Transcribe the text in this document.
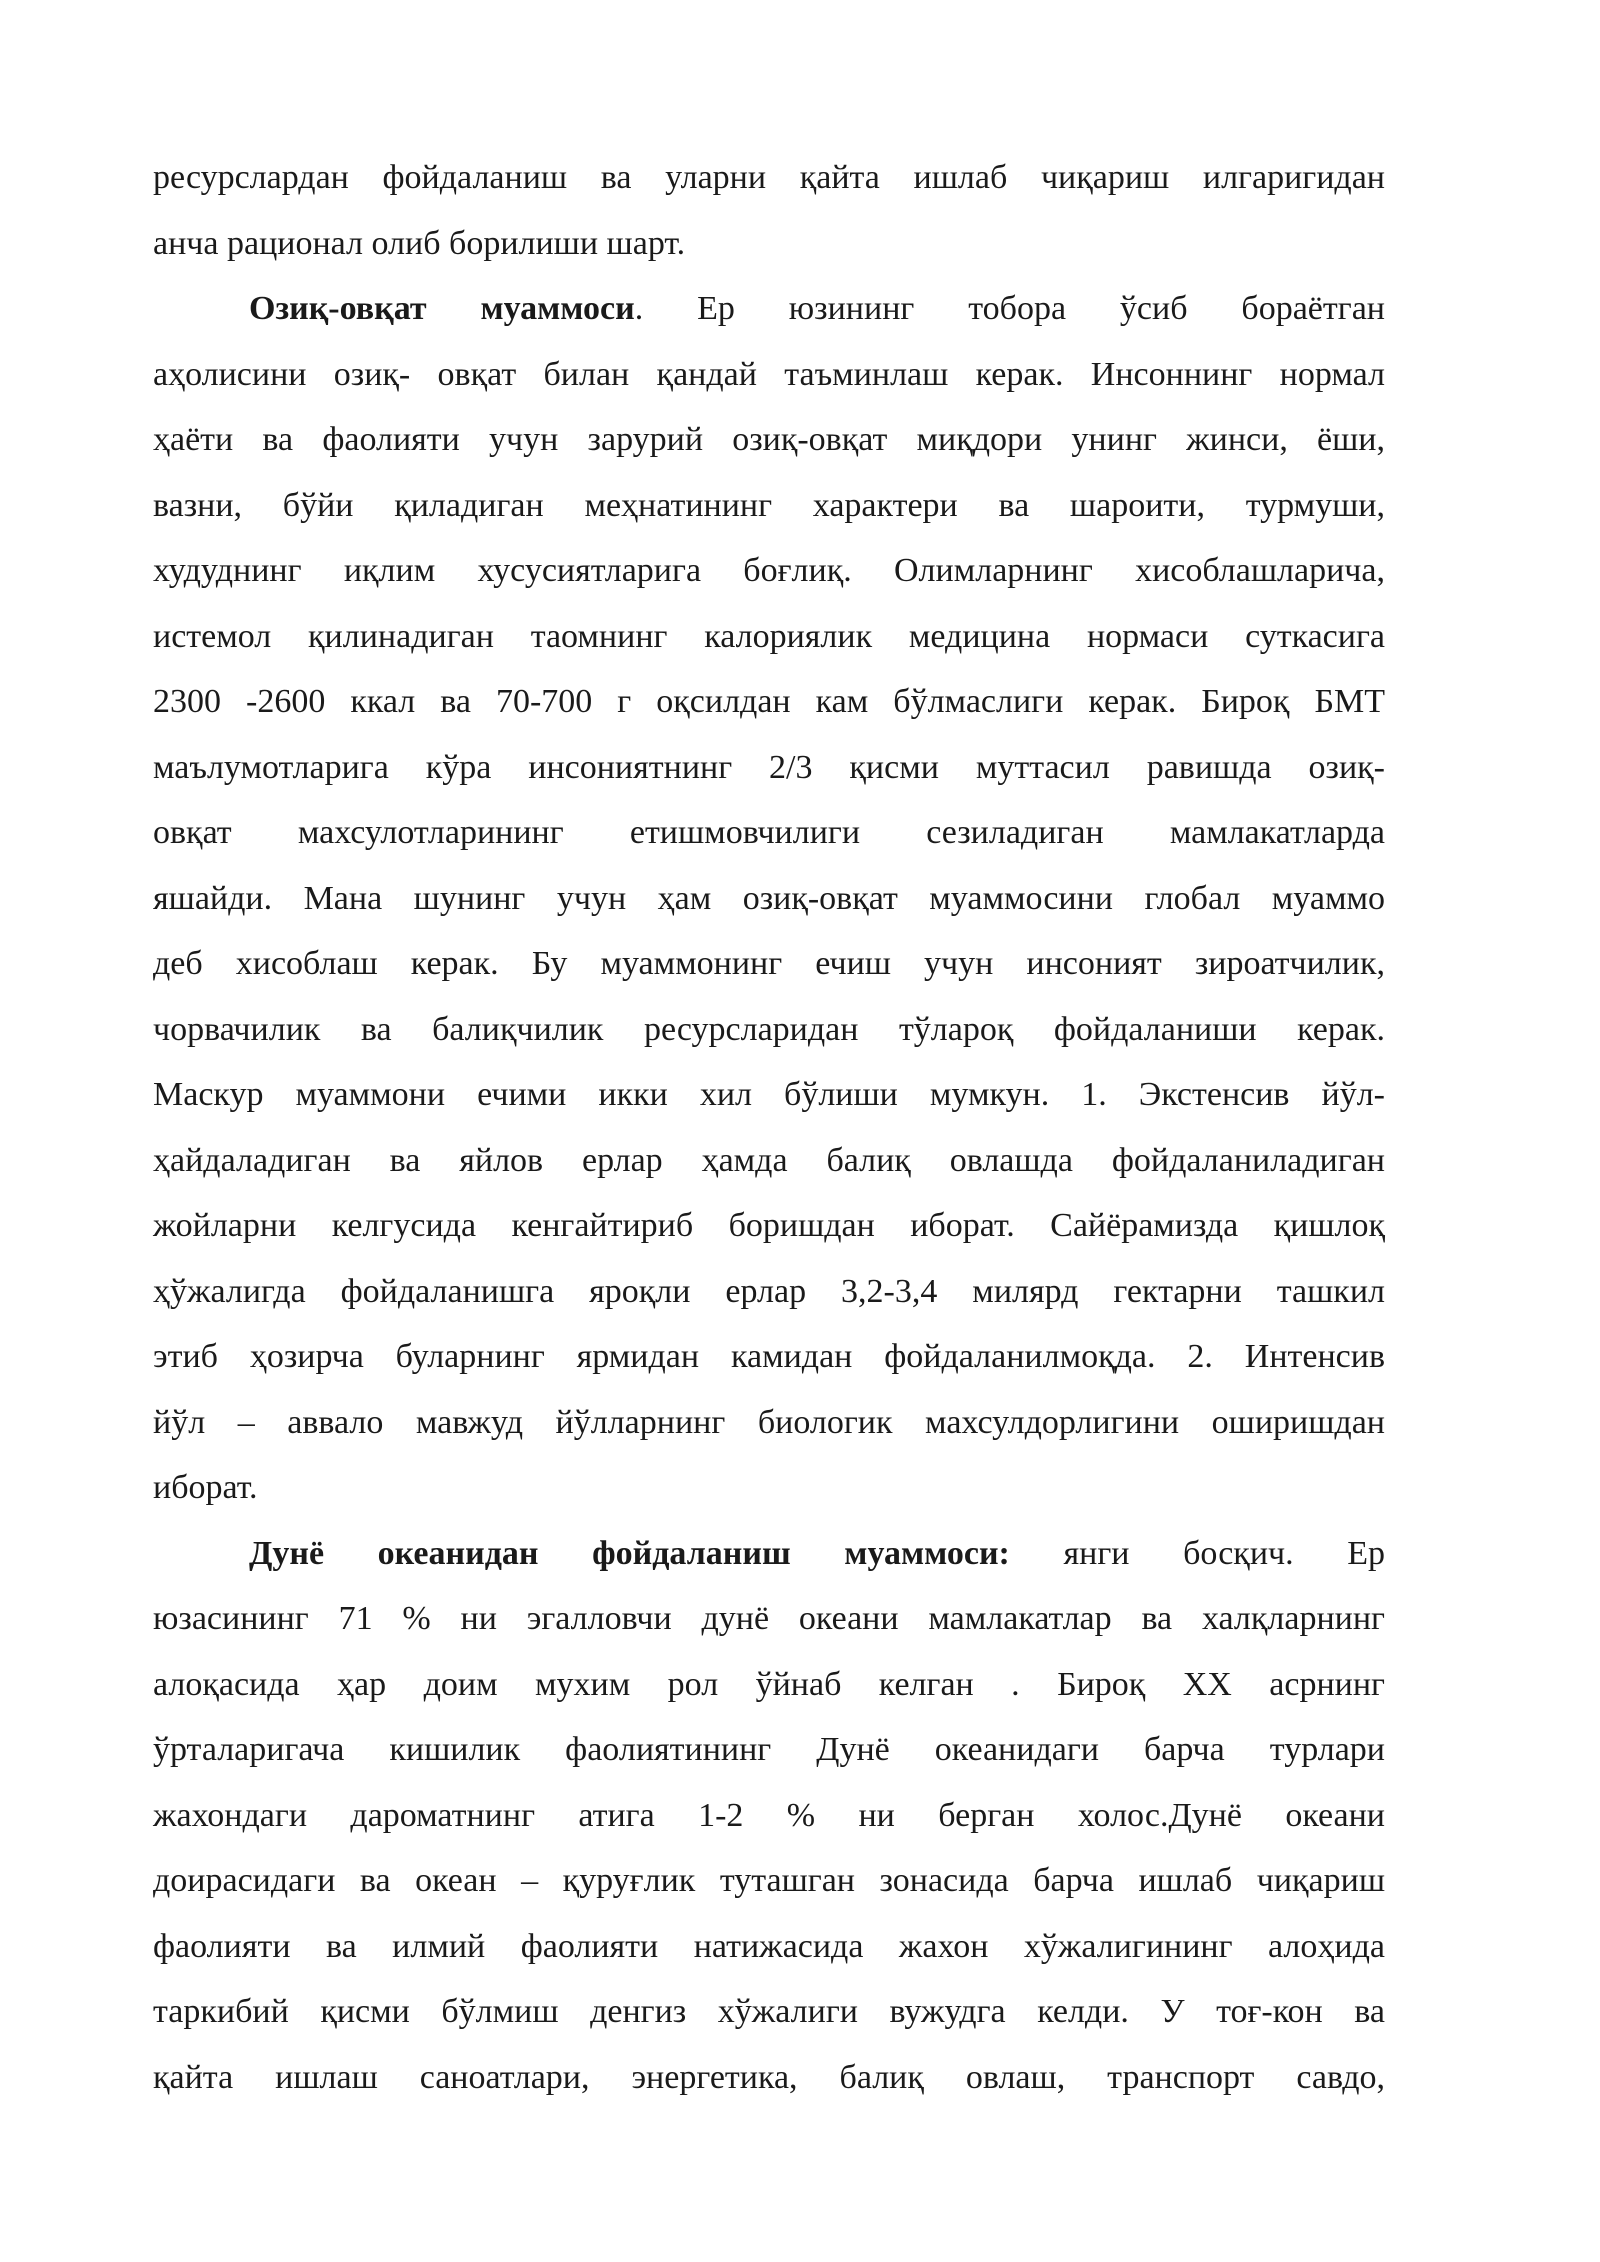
ресурслардан фойдаланиш ва уларни қайта ишлаб чиқариш илгаригидан
анча рационал олиб борилиши шарт.
Озиқ-овқат муаммоси. Ер юзининг тобора ўсиб бораётган
аҳолисини озиқ- овқат билан қандай таъминлаш керак. Инсоннинг нормал
ҳаёти ва фаолияти учун зарурий озиқ-овқат миқдори унинг жинси, ёши,
вазни, бўйи қиладиган меҳнатининг характери ва шароити, турмуши,
худуднинг иқлим хусусиятларига боғлиқ. Олимларнинг хисоблашларича,
истемол қилинадиган таомнинг калориялик медицина нормаси суткасига
2300 -2600 ккал ва 70-700 г оқсилдан кам бўлмаслиги керак. Бироқ БМТ
маълумотларига кўра инсониятнинг 2/3 қисми муттасил равишда озиқ-
овқат махсулотларининг етишмовчилиги сезиладиган мамлакатларда
яшайди. Мана шунинг учун ҳам озиқ-овқат муаммосини глобал муаммо
деб хисоблаш керак. Бу муаммонинг ечиш учун инсоният зироатчилик,
чорвачилик ва балиқчилик ресурсларидан тўлароқ фойдаланиши керак.
Маскур муаммони ечими икки хил бўлиши мумкун. 1. Экстенсив йўл-
ҳайдаладиган ва яйлов ерлар ҳамда балиқ овлашда фойдаланиладиган
жойларни келгусида кенгайтириб боришдан иборат. Сайёрамизда қишлоқ
ҳўжалигда фойдаланишга яроқли ерлар 3,2-3,4 милярд гектарни ташкил
этиб ҳозирча буларнинг ярмидан камидан фойдаланилмоқда. 2. Интенсив
йўл – аввало мавжуд йўлларнинг биологик махсулдорлигини оширишдан
иборат.
Дунё океанидан фойдаланиш муаммоси: янги босқич. Ер
юзасининг 71 % ни эгалловчи дунё океани мамлакатлар ва халқларнинг
алоқасида ҳар доим мухим рол ўйнаб келган . Бироқ XX асрнинг
ўрталаригача кишилик фаолиятининг Дунё океанидаги барча турлари
жахондаги дароматнинг атига 1-2 % ни берган холос.Дунё океани
доирасидаги ва океан – қуруғлик туташган зонасида барча ишлаб чиқариш
фаолияти ва илмий фаолияти натижасида жахон хўжалигининг алоҳида
таркибий қисми бўлмиш денгиз хўжалиги вужудга келди. У тоғ-кон ва
қайта ишлаш саноатлари, энергетика, балиқ овлаш, транспорт савдо,
